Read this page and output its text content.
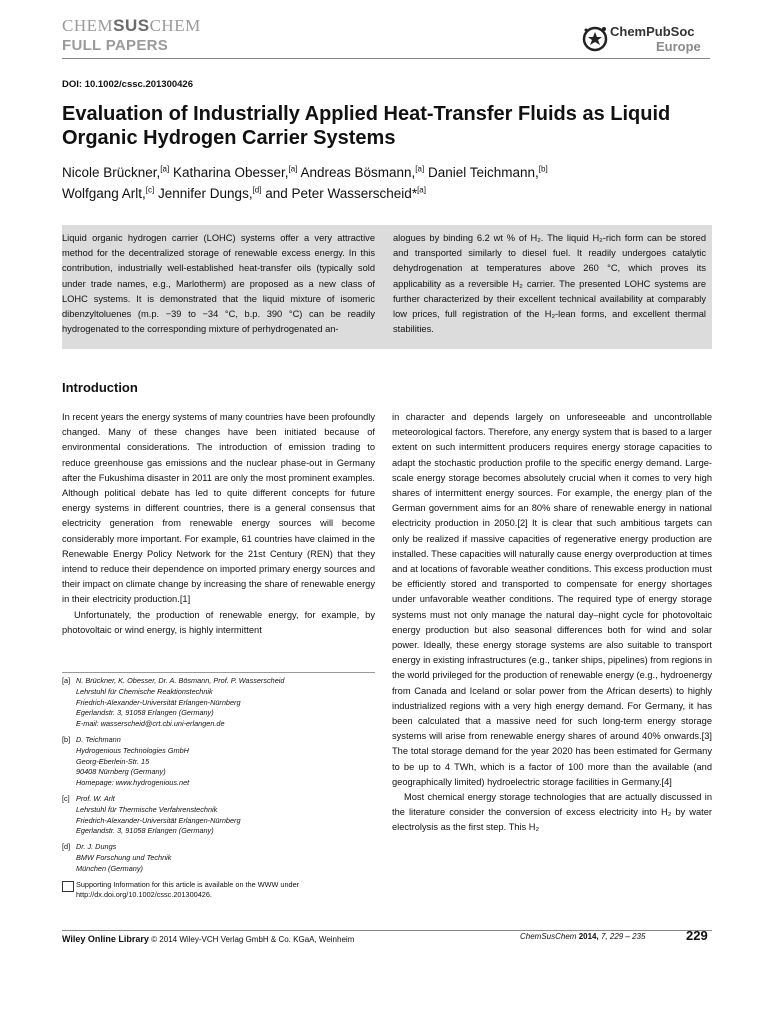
CHEMSUSCHEM
FULL PAPERS
ChemPubSoc
Europe
DOI: 10.1002/cssc.201300426
Evaluation of Industrially Applied Heat-Transfer Fluids as Liquid Organic Hydrogen Carrier Systems
Nicole Brückner,[a] Katharina Obesser,[a] Andreas Bösmann,[a] Daniel Teichmann,[b]
Wolfgang Arlt,[c] Jennifer Dungs,[d] and Peter Wasserscheid*[a]
Liquid organic hydrogen carrier (LOHC) systems offer a very attractive method for the decentralized storage of renewable excess energy. In this contribution, industrially well-established heat-transfer oils (typically sold under trade names, e.g., Marlotherm) are proposed as a new class of LOHC systems. It is demonstrated that the liquid mixture of isomeric dibenzyltoluenes (m.p. −39 to −34 °C, b.p. 390 °C) can be readily hydrogenated to the corresponding mixture of perhydrogenated an-
alogues by binding 6.2 wt % of H₂. The liquid H₂-rich form can be stored and transported similarly to diesel fuel. It readily undergoes catalytic dehydrogenation at temperatures above 260 °C, which proves its applicability as a reversible H₂ carrier. The presented LOHC systems are further characterized by their excellent technical availability at comparably low prices, full registration of the H₂-lean forms, and excellent thermal stabilities.
Introduction

In recent years the energy systems of many countries have been profoundly changed. Many of these changes have been initiated because of environmental considerations. The introduction of emission trading to reduce greenhouse gas emissions and the nuclear phase-out in Germany after the Fukushima disaster in 2011 are only the most prominent examples. Although political debate has led to quite different concepts for future energy systems in different countries, there is a general consensus that electricity generation from renewable energy sources will become considerably more important. For example, 61 countries have claimed in the Renewable Energy Policy Network for the 21st Century (REN) that they intend to reduce their dependence on imported primary energy sources and their impact on climate change by increasing the share of renewable energy in their electricity production.[1]

Unfortunately, the production of renewable energy, for example, by photovoltaic or wind energy, is highly intermittent

[a] N. Brückner, K. Obesser, Dr. A. Bösmann, Prof. P. Wasserscheid
Lehrstuhl für Chemische Reaktionstechnik
Friedrich-Alexander-Universität Erlangen-Nürnberg
Egerlandstr. 3, 91058 Erlangen (Germany)
E-mail: wasserscheid@crt.cbi.uni-erlangen.de
[b] D. Teichmann
Hydrogenious Technologies GmbH
Georg-Eberlein-Str. 15
90408 Nürnberg (Germany)
Homepage: www.hydrogenious.net
[c] Prof. W. Arlt
Lehrstuhl für Thermische Verfahrenstechnik
Friedrich-Alexander-Universität Erlangen-Nürnberg
Egerlandstr. 3, 91058 Erlangen (Germany)
[d] Dr. J. Dungs
BMW Forschung und Technik
München (Germany)
Supporting Information for this article is available on the WWW under http://dx.doi.org/10.1002/cssc.201300426.

in character and depends largely on unforeseeable and uncontrollable meteorological factors. Therefore, any energy system that is based to a larger extent on such intermittent producers requires energy storage capacities to adapt the stochastic production profile to the specific energy demand. Large-scale energy storage becomes absolutely crucial when it comes to very high shares of intermittent energy sources. For example, the energy plan of the German government aims for an 80% share of renewable energy in national electricity production in 2050.[2] It is clear that such ambitious targets can only be realized if massive capacities of regenerative energy production are installed. These capacities will naturally cause energy overproduction at times and at locations of favorable weather conditions. This excess production must be efficiently stored and transported to compensate for energy shortages under unfavorable weather conditions. The required type of energy storage systems must not only manage the natural day–night cycle for photovoltaic energy production but also seasonal differences both for wind and solar power. Ideally, these energy storage systems are also suitable to transport energy in existing infrastructures (e.g., tanker ships, pipelines) from regions in the world privileged for the production of renewable energy (e.g., hydroenergy from Canada and Iceland or solar power from the African deserts) to highly industrialized regions with a very high energy demand. For Germany, it has been calculated that a massive need for such long-term energy storage systems will arise from renewable energy shares of around 40% onwards.[3] The total storage demand for the year 2020 has been estimated for Germany to be up to 4 TWh, which is a factor of 100 more than the available (and geographically limited) hydroelectric storage facilities in Germany.[4]

Most chemical energy storage technologies that are actually discussed in the literature consider the conversion of excess electricity into H₂ by water electrolysis as the first step. This H₂

Wiley Online Library © 2014 Wiley-VCH Verlag GmbH & Co. KGaA, Weinheim	ChemSusChem 2014, 7, 229 – 235	229
